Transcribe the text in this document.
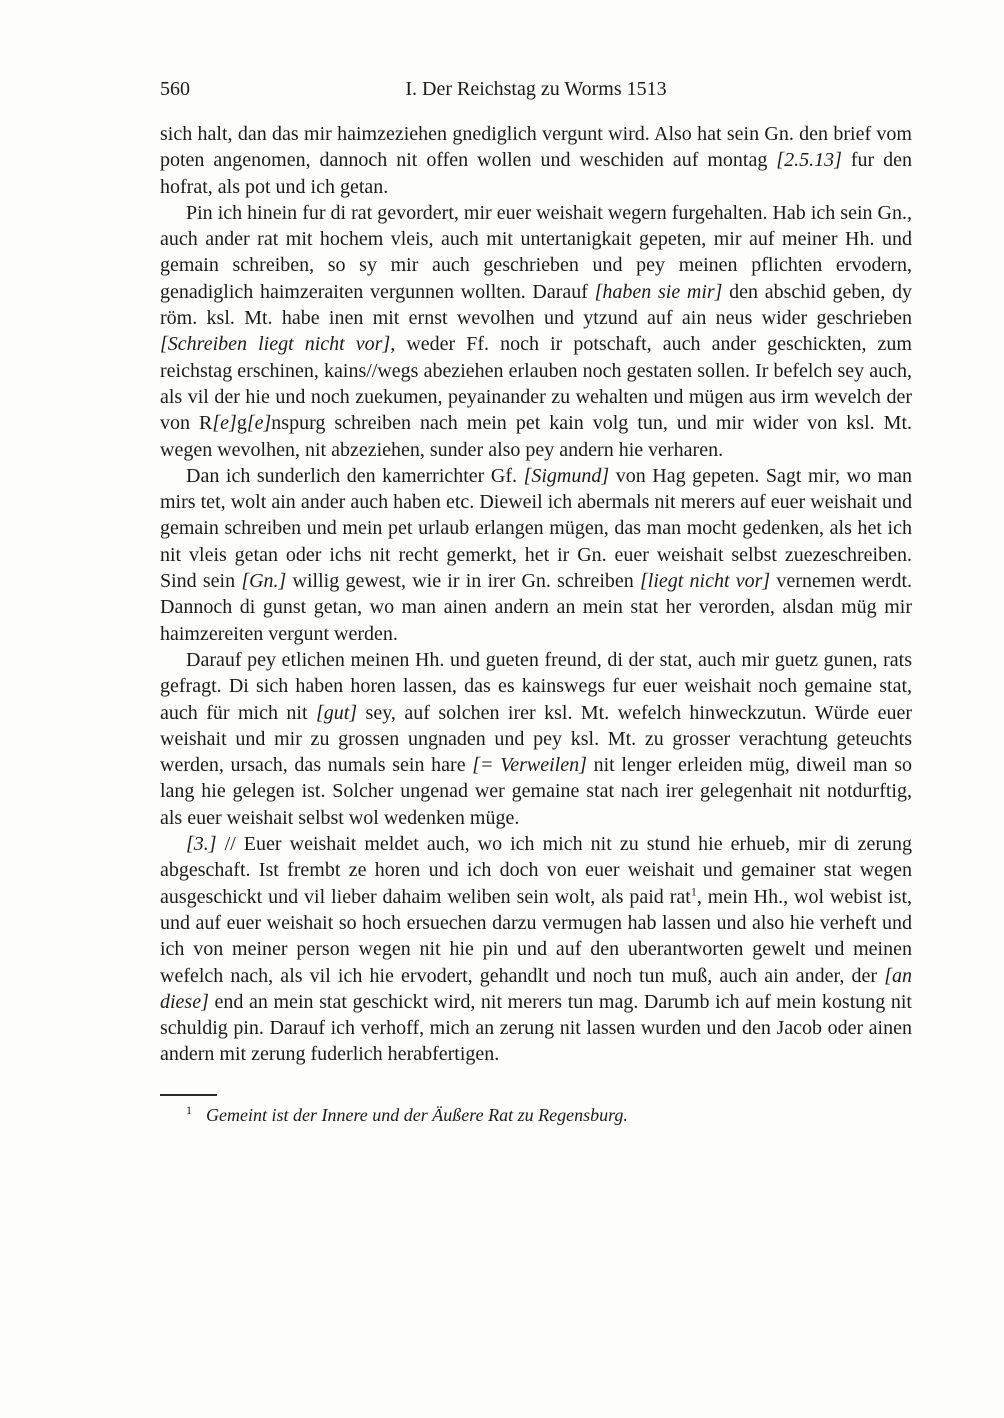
560	I. Der Reichstag zu Worms 1513

sich halt, dan das mir haimzeziehen gnediglich vergunt wird. Also hat sein Gn. den brief vom poten angenomen, dannoch nit offen wollen und weschiden auf montag [2.5.13] fur den hofrat, als pot und ich getan.

Pin ich hinein fur di rat gevordert, mir euer weishait wegern furgehalten. Hab ich sein Gn., auch ander rat mit hochem vleis, auch mit untertanigkait gepeten, mir auf meiner Hh. und gemain schreiben, so sy mir auch geschrieben und pey meinen pflichten ervodern, genadiglich haimzeraiten vergunnen wollten. Darauf [haben sie mir] den abschid geben, dy röm. ksl. Mt. habe inen mit ernst wevolhen und ytzund auf ain neus wider geschrieben [Schreiben liegt nicht vor], weder Ff. noch ir potschaft, auch ander geschickten, zum reichstag erschinen, kains//wegs abeziehen erlauben noch gestaten sollen. Ir befelch sey auch, als vil der hie und noch zuekumen, peyainander zu wehalten und mügen aus irm wevelch der von R[e]g[e]nspurg schreiben nach mein pet kain volg tun, und mir wider von ksl. Mt. wegen wevolhen, nit abzeziehen, sunder also pey andern hie verharen.

Dan ich sunderlich den kamerrichter Gf. [Sigmund] von Hag gepeten. Sagt mir, wo man mirs tet, wolt ain ander auch haben etc. Dieweil ich abermals nit merers auf euer weishait und gemain schreiben und mein pet urlaub erlangen mügen, das man mocht gedenken, als het ich nit vleis getan oder ichs nit recht gemerkt, het ir Gn. euer weishait selbst zuezeschreiben. Sind sein [Gn.] willig gewest, wie ir in irer Gn. schreiben [liegt nicht vor] vernemen werdt. Dannoch di gunst getan, wo man ainen andern an mein stat her verorden, alsdan müg mir haimzereiten vergunt werden.

Darauf pey etlichen meinen Hh. und gueten freund, di der stat, auch mir guetz gunen, rats gefragt. Di sich haben horen lassen, das es kainswegs fur euer weishait noch gemaine stat, auch für mich nit [gut] sey, auf solchen irer ksl. Mt. wefelch hinweckzutun. Würde euer weishait und mir zu grossen ungnaden und pey ksl. Mt. zu grosser verachtung geteuchts werden, ursach, das numals sein hare [= Verweilen] nit lenger erleiden müg, diweil man so lang hie gelegen ist. Solcher ungenad wer gemaine stat nach irer gelegenhait nit notdurftig, als euer weishait selbst wol wedenken müge.

[3.] // Euer weishait meldet auch, wo ich mich nit zu stund hie erhueb, mir di zerung abgeschaft. Ist frembt ze horen und ich doch von euer weishait und gemainer stat wegen ausgeschickt und vil lieber dahaim weliben sein wolt, als paid rat$^1$, mein Hh., wol webist ist, und auf euer weishait so hoch ersuechen darzu vermugen hab lassen und also hie verheft und ich von meiner person wegen nit hie pin und auf den uberantworten gewelt und meinen wefelch nach, als vil ich hie ervodert, gehandlt und noch tun muß, auch ain ander, der [an diese] end an mein stat geschickt wird, nit merers tun mag. Darumb ich auf mein kostung nit schuldig pin. Darauf ich verhoff, mich an zerung nit lassen wurden und den Jacob oder ainen andern mit zerung fuderlich herabfertigen.

$^1$ Gemeint ist der Innere und der Äußere Rat zu Regensburg.
